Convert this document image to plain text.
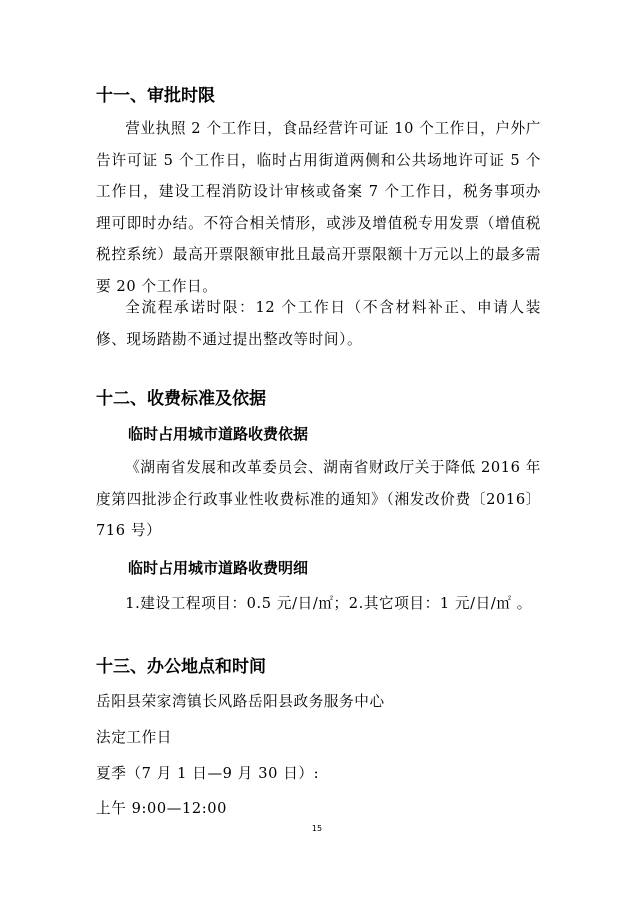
十一、审批时限
营业执照 2 个工作日，食品经营许可证 10 个工作日，户外广告许可证 5 个工作日，临时占用街道两侧和公共场地许可证 5 个工作日，建设工程消防设计审核或备案 7 个工作日，税务事项办理可即时办结。不符合相关情形，或涉及增值税专用发票（增值税税控系统）最高开票限额审批且最高开票限额十万元以上的最多需要 20 个工作日。
全流程承诺时限：12 个工作日（不含材料补正、申请人装修、现场踏勘不通过提出整改等时间）。
十二、收费标准及依据
临时占用城市道路收费依据
《湖南省发展和改革委员会、湖南省财政厅关于降低 2016 年度第四批涉企行政事业性收费标准的通知》（湘发改价费〔2016〕716 号）
临时占用城市道路收费明细
1.建设工程项目：0.5 元/日/㎡；2.其它项目：1 元/日/㎡ 。
十三、办公地点和时间
岳阳县荣家湾镇长风路岳阳县政务服务中心
法定工作日
夏季（7 月 1 日—9 月 30 日）:
上午 9:00—12:00
15
